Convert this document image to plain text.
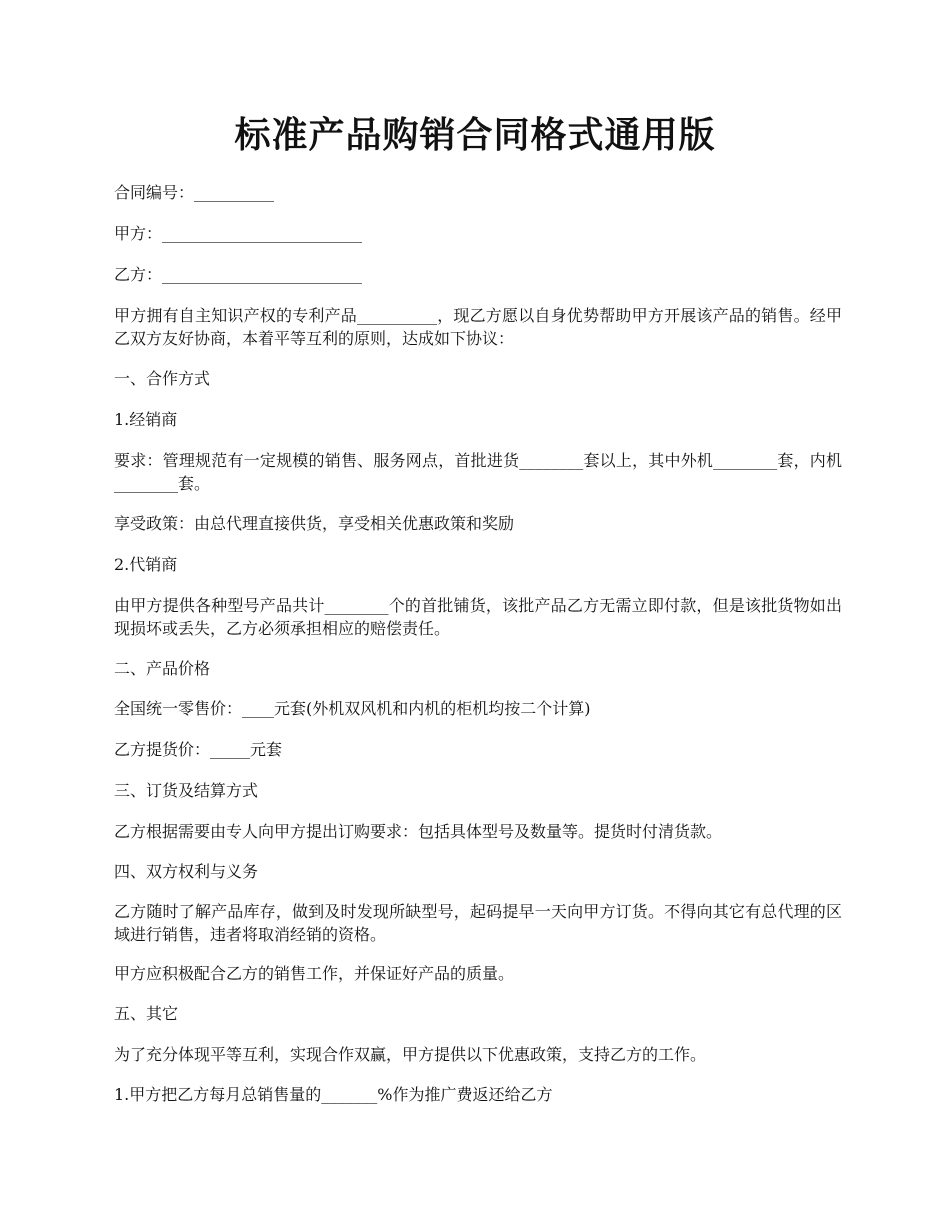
标准产品购销合同格式通用版
合同编号：__________
甲方：_________________________
乙方：_________________________
甲方拥有自主知识产权的专利产品__________，现乙方愿以自身优势帮助甲方开展该产品的销售。经甲乙双方友好协商，本着平等互利的原则，达成如下协议：
一、合作方式
1.经销商
要求：管理规范有一定规模的销售、服务网点，首批进货________套以上，其中外机________套，内机________套。
享受政策：由总代理直接供货，享受相关优惠政策和奖励
2.代销商
由甲方提供各种型号产品共计________个的首批铺货，该批产品乙方无需立即付款，但是该批货物如出现损坏或丢失，乙方必须承担相应的赔偿责任。
二、产品价格
全国统一零售价：____元套(外机双风机和内机的柜机均按二个计算)
乙方提货价：_____元套
三、订货及结算方式
乙方根据需要由专人向甲方提出订购要求：包括具体型号及数量等。提货时付清货款。
四、双方权利与义务
乙方随时了解产品库存，做到及时发现所缺型号，起码提早一天向甲方订货。不得向其它有总代理的区域进行销售，违者将取消经销的资格。
甲方应积极配合乙方的销售工作，并保证好产品的质量。
五、其它
为了充分体现平等互利，实现合作双赢，甲方提供以下优惠政策，支持乙方的工作。
1.甲方把乙方每月总销售量的_______%作为推广费返还给乙方
